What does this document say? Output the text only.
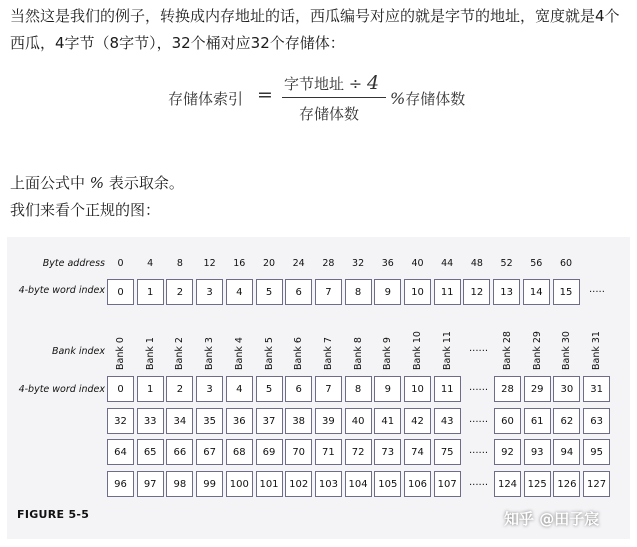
当然这是我们的例子，转换成内存地址的话，西瓜编号对应的就是字节的地址，宽度就是4个西瓜，4字节（8字节），32个桶对应32个存储体：
存储体索引 = 字节地址 ÷ 4
存储体数
%存储体数
上面公式中 % 表示取余。
我们来看个正规的图：
Byte address
4-byte word index
Bank index
4-byte word index
FIGURE 5-5
0	4	8	12	16	20	24	28	32	36	40	44	48	52	56	60
0	1	2	3	4	5	6	7	8	9	10	11	12	13	14	15	.....
Bank 0 Bank 1 Bank 2 Bank 3 Bank 4 Bank 5 Bank 6 Bank 7 Bank 8 Bank 9 Bank 10 Bank 11	Bank 28 Bank 29 Bank 30 Bank 31
......
0	1	2	3	4	5	6	7	8	9	10	11	......	28	29	30	31
32	33	34	35	36	37	38	39	40	41	42	43	......	60	61	62	63
64	65	66	67	68	69	70	71	72	73	74	75	......	92	93	94	95
96	97	98	99	100	101	102	103	104	105	106	107	...... 124	125	126	127
知乎 @田子宸
